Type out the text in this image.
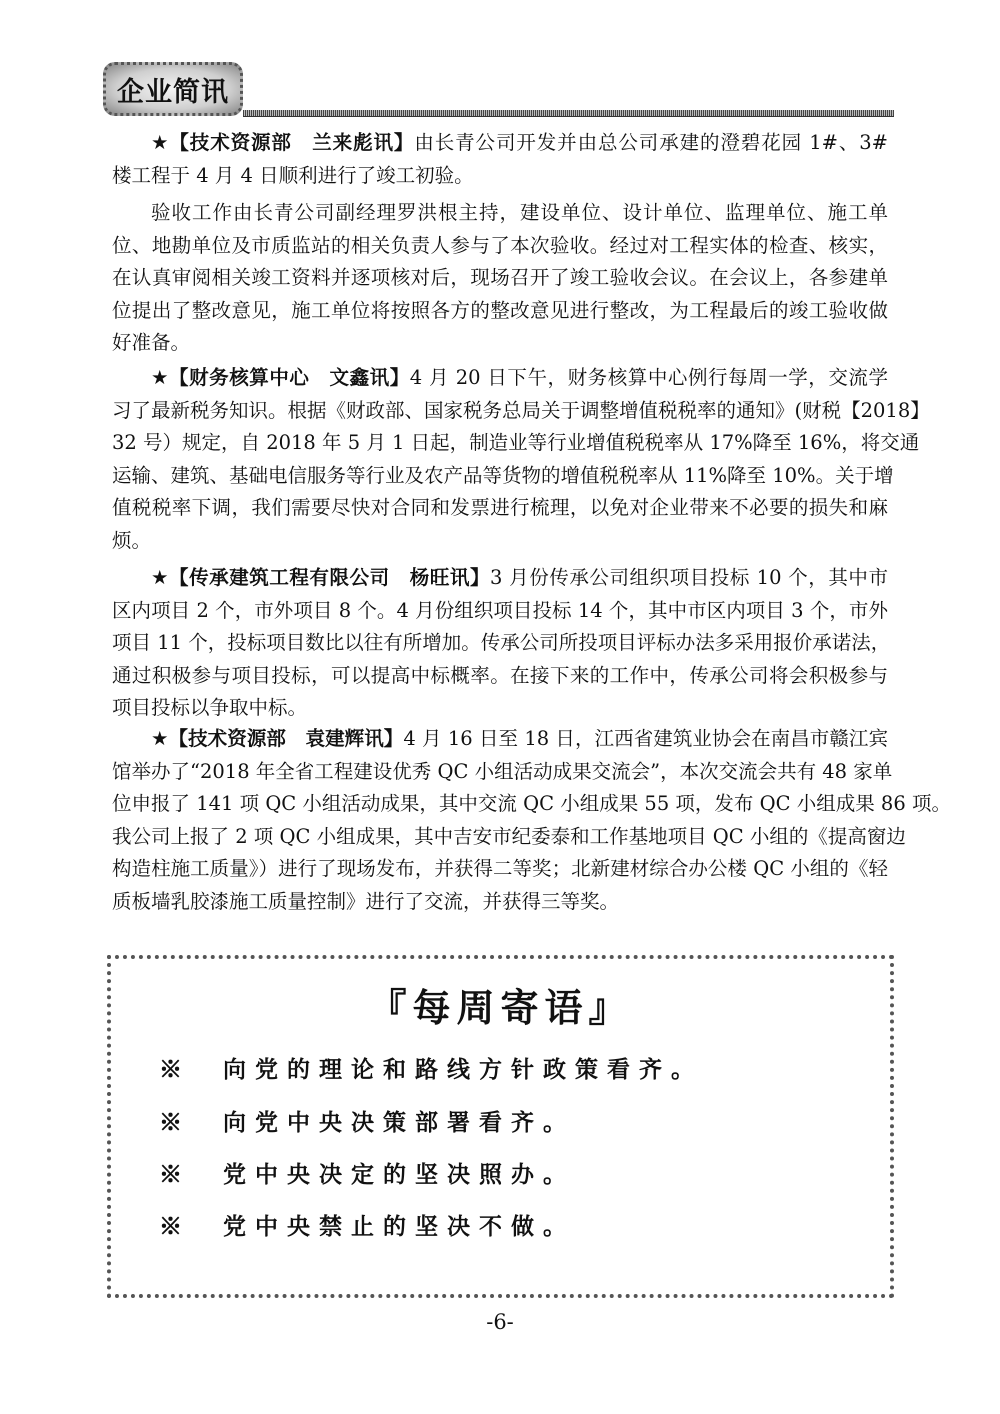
企业简讯
★【技术资源部　兰来彪讯】由长青公司开发并由总公司承建的澄碧花园 1#、3#
楼工程于 4 月 4 日顺利进行了竣工初验。
验收工作由长青公司副经理罗洪根主持，建设单位、设计单位、监理单位、施工单
位、地勘单位及市质监站的相关负责人参与了本次验收。经过对工程实体的检查、核实，
在认真审阅相关竣工资料并逐项核对后，现场召开了竣工验收会议。在会议上，各参建单
位提出了整改意见，施工单位将按照各方的整改意见进行整改，为工程最后的竣工验收做
好准备。
★【财务核算中心　文鑫讯】4 月 20 日下午，财务核算中心例行每周一学，交流学
习了最新税务知识。根据《财政部、国家税务总局关于调整增值税税率的通知》(财税【2018】
32 号）规定，自 2018 年 5 月 1 日起，制造业等行业增值税税率从 17%降至 16%，将交通
运输、建筑、基础电信服务等行业及农产品等货物的增值税税率从 11%降至 10%。关于增
值税税率下调，我们需要尽快对合同和发票进行梳理，以免对企业带来不必要的损失和麻
烦。
★【传承建筑工程有限公司　杨旺讯】3 月份传承公司组织项目投标 10 个，其中市
区内项目 2 个，市外项目 8 个。4 月份组织项目投标 14 个，其中市区内项目 3 个，市外
项目 11 个，投标项目数比以往有所增加。传承公司所投项目评标办法多采用报价承诺法，
通过积极参与项目投标，可以提高中标概率。在接下来的工作中，传承公司将会积极参与
项目投标以争取中标。
★【技术资源部　袁建辉讯】4 月 16 日至 18 日，江西省建筑业协会在南昌市赣江宾
馆举办了“2018 年全省工程建设优秀 QC 小组活动成果交流会”，本次交流会共有 48 家单
位申报了 141 项 QC 小组活动成果，其中交流 QC 小组成果 55 项，发布 QC 小组成果 86 项。
我公司上报了 2 项 QC 小组成果，其中吉安市纪委泰和工作基地项目 QC 小组的《提高窗边
构造柱施工质量》）进行了现场发布，并获得二等奖；北新建材综合办公楼 QC 小组的《轻
质板墙乳胶漆施工质量控制》进行了交流，并获得三等奖。
『每周寄语』
※　向党的理论和路线方针政策看齐。
※　向党中央决策部署看齐。
※　党中央决定的坚决照办。
※　党中央禁止的坚决不做。
-6-
